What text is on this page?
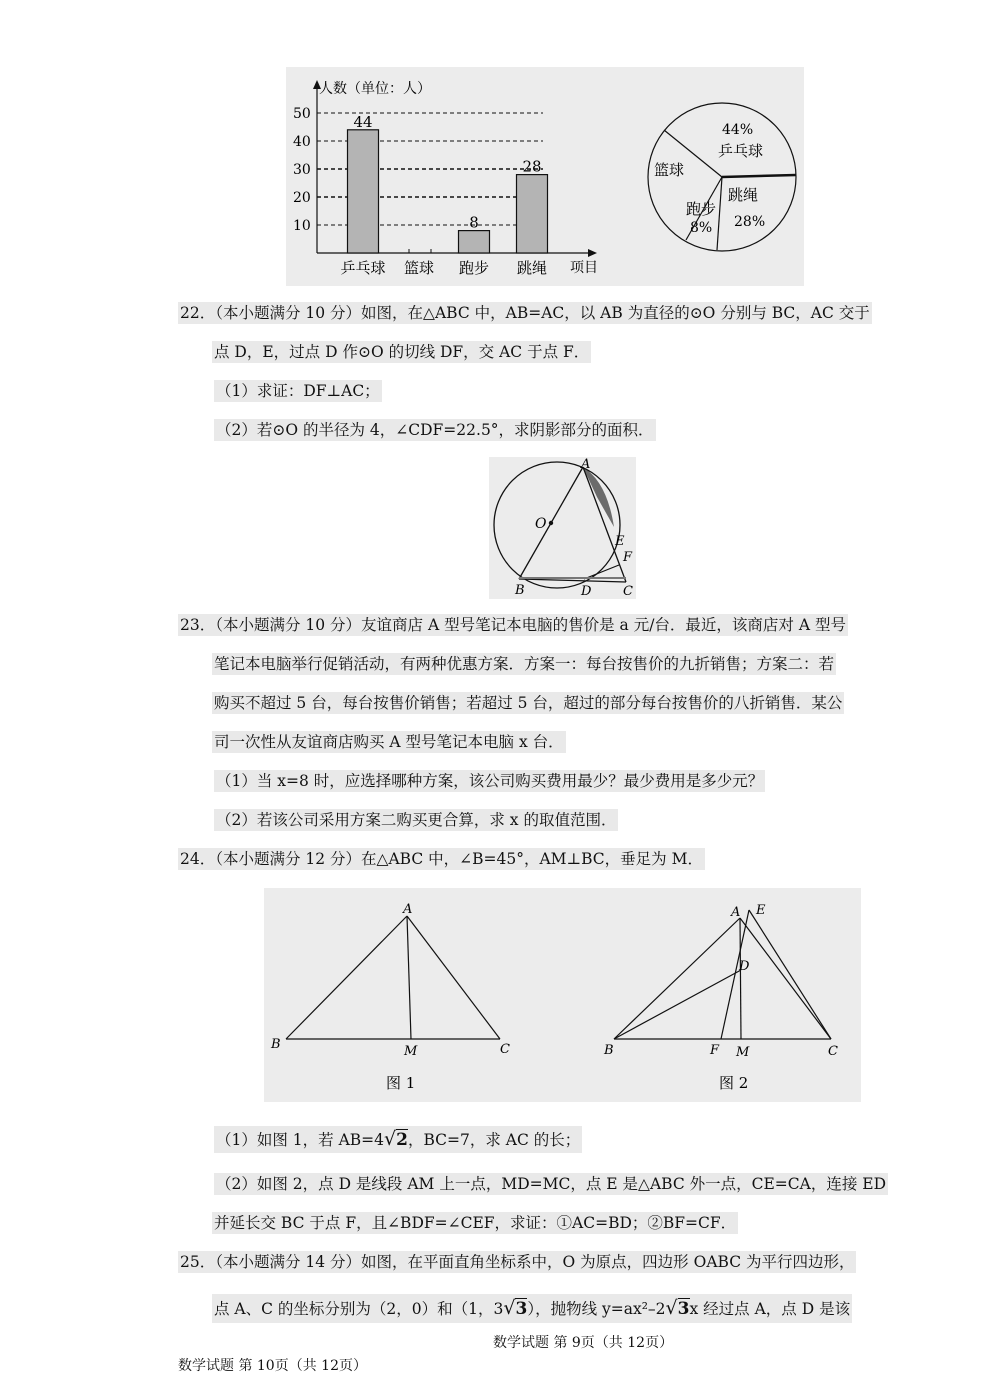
人数（单位：人）
10
20
30
40
50	44
乒乓球 篮球
8
跑步
28
跳绳 项目
44%
乒乓球
篮球
跳绳
28%
跑步
8%
22．（本小题满分 10 分）如图，在△ABC 中，AB=AC，以 AB 为直径的⊙O 分别与 BC，AC 交于
点 D，E，过点 D 作⊙O 的切线 DF，交 AC 于点 F．
（1）求证：DF⊥AC；
（2）若⊙O 的半径为 4，∠CDF=22.5°，求阴影部分的面积．
A
O
E
F
B	D C
23．（本小题满分 10 分）友谊商店 A 型号笔记本电脑的售价是 a 元/台．最近，该商店对 A 型号
笔记本电脑举行促销活动，有两种优惠方案．方案一：每台按售价的九折销售；方案二：若
购买不超过 5 台，每台按售价销售；若超过 5 台，超过的部分每台按售价的八折销售．某公
司一次性从友谊商店购买 A 型号笔记本电脑 x 台．
（1）当 x=8 时，应选择哪种方案，该公司购买费用最少？最少费用是多少元？
（2）若该公司采用方案二购买更合算，求 x 的取值范围．
24．（本小题满分 12 分）在△ABC 中，∠B=45°，AM⊥BC，垂足为 M．
A
B	M	C
图 1
A E
D
B	F M	C
图 2
（1）如图 1，若 AB=4√2，BC=7，求 AC 的长；
（2）如图 2，点 D 是线段 AM 上一点，MD=MC，点 E 是△ABC 外一点，CE=CA，连接 ED
并延长交 BC 于点 F，且∠BDF=∠CEF，求证：①AC=BD；②BF=CF．
25．（本小题满分 14 分）如图，在平面直角坐标系中，O 为原点，四边形 OABC 为平行四边形，
点 A、C 的坐标分别为（2，0）和（1，3√3），抛物线 y=ax²–2√3x 经过点 A，点 D 是该
数学试题 第 9页（共 12页）
数学试题 第 10页（共 12页）
